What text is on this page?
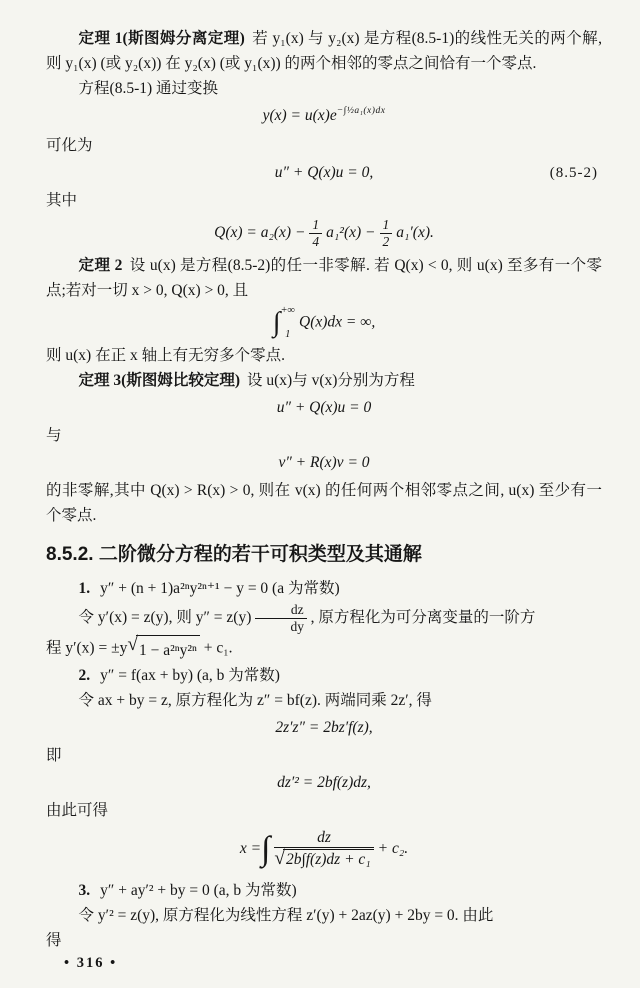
定理 1(斯图姆分离定理) 若 y₁(x) 与 y₂(x) 是方程(8.5-1)的线性无关的两个解,则 y₁(x) (或 y₂(x)) 在 y₂(x) (或 y₁(x)) 的两个相邻的零点之间恰有一个零点.

方程(8.5-1) 通过变换

$y(x) = u(x)e^{-\int\frac{1}{2}a_1(x)dx}$

可化为

u″ + Q(x)u = 0,	(8.5-2)

其中

$Q(x) = a_2(x) - \frac{1}{4} a_1^2(x) - \frac{1}{2} a_1'(x)$.

定理 2 设 u(x) 是方程(8.5-2)的任一非零解. 若 Q(x) < 0, 则 u(x) 至多有一个零点;若对一切 x > 0, Q(x) > 0, 且

∫ +∞
1
Q(x)dx = ∞,

则 u(x) 在正 x 轴上有无穷多个零点.

定理 3(斯图姆比较定理) 设 u(x)与 v(x)分别为方程

u″ + Q(x)u = 0

与

v″ + R(x)v = 0

的非零解,其中 Q(x) > R(x) > 0, 则在 v(x) 的任何两个相邻零点之间, u(x) 至少有一个零点.

8.5.2. 二阶微分方程的若干可积类型及其通解

1. y″ + (n + 1)a²ⁿy²ⁿ⁺¹ − y = 0 (a 为常数)

令 y′(x) = z(y), 则 $y'' = z(y) \frac{dz}{dy}$ , 原方程化为可分离变量的一阶方

程 y′(x) = ±y √ 1 − a²ⁿy²ⁿ + c₁.

2. y″ = f(ax + by) (a, b 为常数)

令 ax + by = z, 原方程化为 z″ = bf(z). 两端同乘 2z′, 得

2z′z″ = 2bz′f(z),

即

dz′² = 2bf(z)dz,

由此可得

x =∫ $\frac{dz}{\text{√ 2b∫f(z)dz + c₁}} + c_2$.

3. y″ + ay′² + by = 0 (a, b 为常数)

令 y′² = z(y), 原方程化为线性方程 z′(y) + 2az(y) + 2by = 0. 由此

得

• 316 •
